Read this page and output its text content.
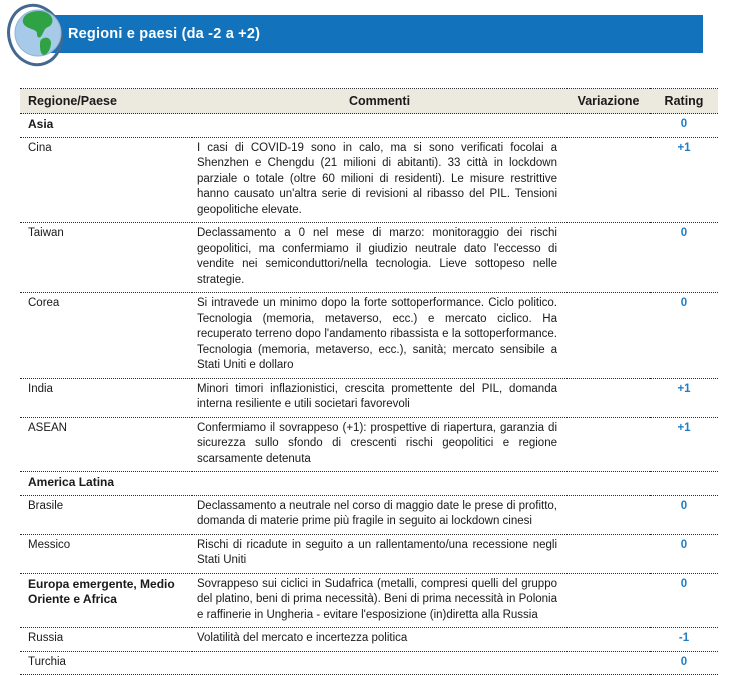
Regioni e paesi (da -2 a +2)
Regione/Paese	Commenti	Variazione	Rating
Asia			0
Cina	I casi di COVID-19 sono in calo, ma si sono verificati focolai a Shenzhen e Chengdu (21 milioni di abitanti). 33 città in lockdown parziale o totale (oltre 60 milioni di residenti). Le misure restrittive hanno causato un'altra serie di revisioni al ribasso del PIL. Tensioni geopolitiche elevate.		+1
Taiwan	Declassamento a 0 nel mese di marzo: monitoraggio dei rischi geopolitici, ma confermiamo il giudizio neutrale dato l'eccesso di vendite nei semiconduttori/nella tecnologia. Lieve sottopeso nelle strategie.		0
Corea	Si intravede un minimo dopo la forte sottoperformance. Ciclo politico. Tecnologia (memoria, metaverso, ecc.) e mercato ciclico. Ha recuperato terreno dopo l'andamento ribassista e la sottoperformance. Tecnologia (memoria, metaverso, ecc.), sanità; mercato sensibile a Stati Uniti e dollaro		0
India	Minori timori inflazionistici, crescita promettente del PIL, domanda interna resiliente e utili societari favorevoli		+1
ASEAN	Confermiamo il sovrappeso (+1): prospettive di riapertura, garanzia di sicurezza sullo sfondo di crescenti rischi geopolitici e regione scarsamente detenuta		+1
America Latina			
Brasile	Declassamento a neutrale nel corso di maggio date le prese di profitto, domanda di materie prime più fragile in seguito ai lockdown cinesi		0
Messico	Rischi di ricadute in seguito a un rallentamento/una recessione negli Stati Uniti		0
Europa emergente, Medio Oriente e Africa	Sovrappeso sui ciclici in Sudafrica (metalli, compresi quelli del gruppo del platino, beni di prima necessità). Beni di prima necessità in Polonia e raffinerie in Ungheria - evitare l'esposizione (in)diretta alla Russia		0
Russia	Volatilità del mercato e incertezza politica		-1
Turchia			0
